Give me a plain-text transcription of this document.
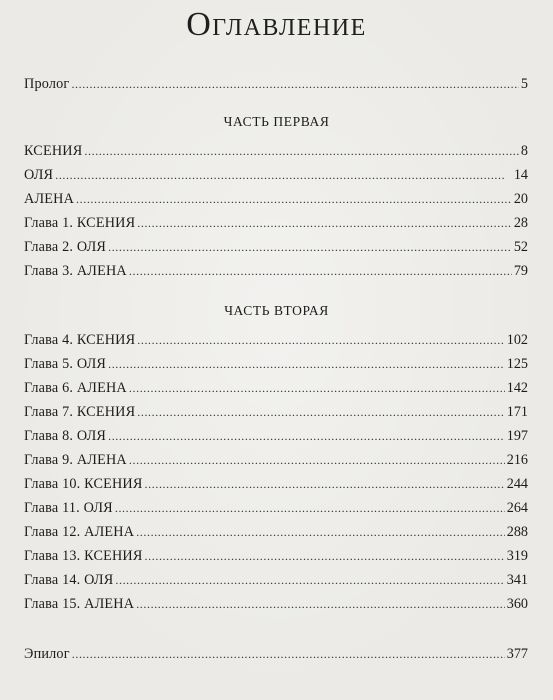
Оглавление
Пролог . . .	5
КСЕНИЯ . . .	8
ОЛЯ . . .	14
АЛЕНА . . .	20
Глава 1. КСЕНИЯ . . .	28
Глава 2. ОЛЯ . . .	52
Глава 3. АЛЕНА . . .	79
Глава 4. КСЕНИЯ . . .	102
Глава 5. ОЛЯ . . .	125
Глава 6. АЛЕНА . . .	142
Глава 7. КСЕНИЯ . . .	171
Глава 8. ОЛЯ . . .	197
Глава 9. АЛЕНА . . .	216
Глава 10. КСЕНИЯ . . .	244
Глава 11. ОЛЯ . . .	264
Глава 12. АЛЕНА . . .	288
Глава 13. КСЕНИЯ . . .	319
Глава 14. ОЛЯ . . .	341
Глава 15. АЛЕНА . . .	360
Эпилог . . .	377
ЧАСТЬ ПЕРВАЯ
ЧАСТЬ ВТОРАЯ
